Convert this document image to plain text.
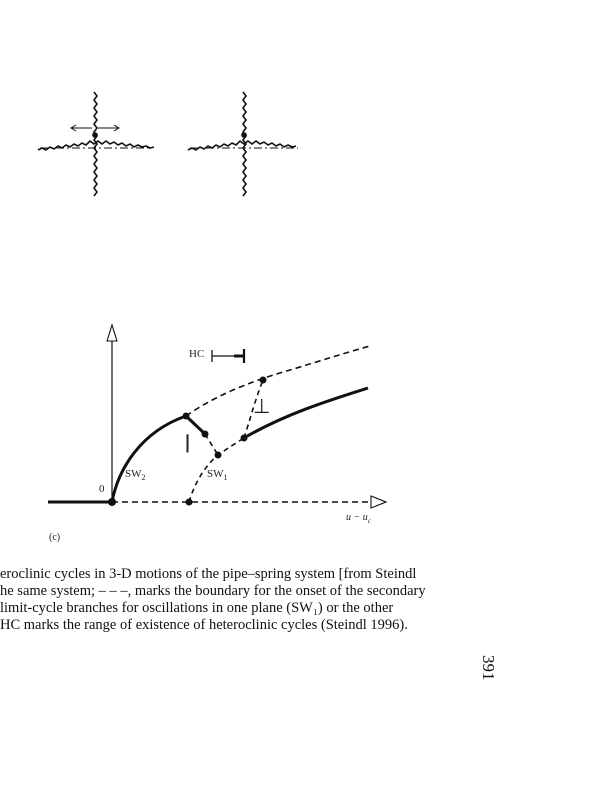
HC
⊥
||
$SW_2$	$SW_1$
0
$u - u_c$
(c)
eroclinic cycles in 3-D motions of the pipe–spring system [from Steindl
he same system; – – –, marks the boundary for the onset of the secondary
limit-cycle branches for oscillations in one plane (SW₁) or the other
HC marks the range of existence of heteroclinic cycles (Steindl 1996).
391
